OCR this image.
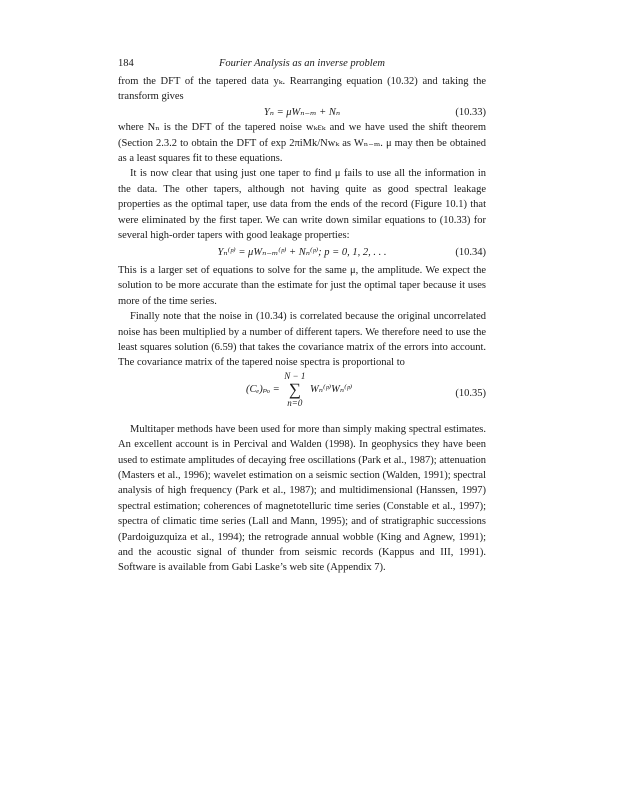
184	Fourier Analysis as an inverse problem

from the DFT of the tapered data yₖ. Rearranging equation (10.32) and taking the transform gives

Yₙ = μWₙ₋ₘ + Nₙ	(10.33)

where Nₙ is the DFT of the tapered noise wₖεₖ and we have used the shift theorem (Section 2.3.2 to obtain the DFT of exp 2πiMk/Nwₖ as Wₙ₋ₘ. μ may then be obtained as a least squares fit to these equations.

It is now clear that using just one taper to find μ fails to use all the information in the data. The other tapers, although not having quite as good spectral leakage properties as the optimal taper, use data from the ends of the record (Figure 10.1) that were eliminated by the first taper. We can write down similar equations to (10.33) for several high-order tapers with good leakage properties:

Yₙ⁽ᵖ⁾ = μWₙ₋ₘ⁽ᵖ⁾ + Nₙ⁽ᵖ⁾; p = 0, 1, 2, . . .	(10.34)

This is a larger set of equations to solve for the same μ, the amplitude. We expect the solution to be more accurate than the estimate for just the optimal taper because it uses more of the time series.

Finally note that the noise in (10.34) is correlated because the original uncorrelated noise has been multiplied by a number of different tapers. We therefore need to use the least squares solution (6.59) that takes the covariance matrix of the errors into account. The covariance matrix of the tapered noise spectra is proportional to

(Cₑ)ₚₒ = N − 1
∑
n=0 Wₙ⁽ᵖ⁾Wₙ⁽ᵖ⁾	(10.35)

Multitaper methods have been used for more than simply making spectral estimates. An excellent account is in Percival and Walden (1998). In geophysics they have been used to estimate amplitudes of decaying free oscillations (Park et al., 1987); attenuation (Masters et al., 1996); wavelet estimation on a seismic section (Walden, 1991); spectral analysis of high frequency (Park et al., 1987); and multidimensional (Hanssen, 1997) spectral estimation; coherences of magnetotelluric time series (Constable et al., 1997); spectra of climatic time series (Lall and Mann, 1995); and of stratigraphic successions (Pardoiguzquiza et al., 1994); the retrograde annual wobble (King and Agnew, 1991); and the acoustic signal of thunder from seismic records (Kappus and III, 1991). Software is available from Gabi Laske’s web site (Appendix 7).
